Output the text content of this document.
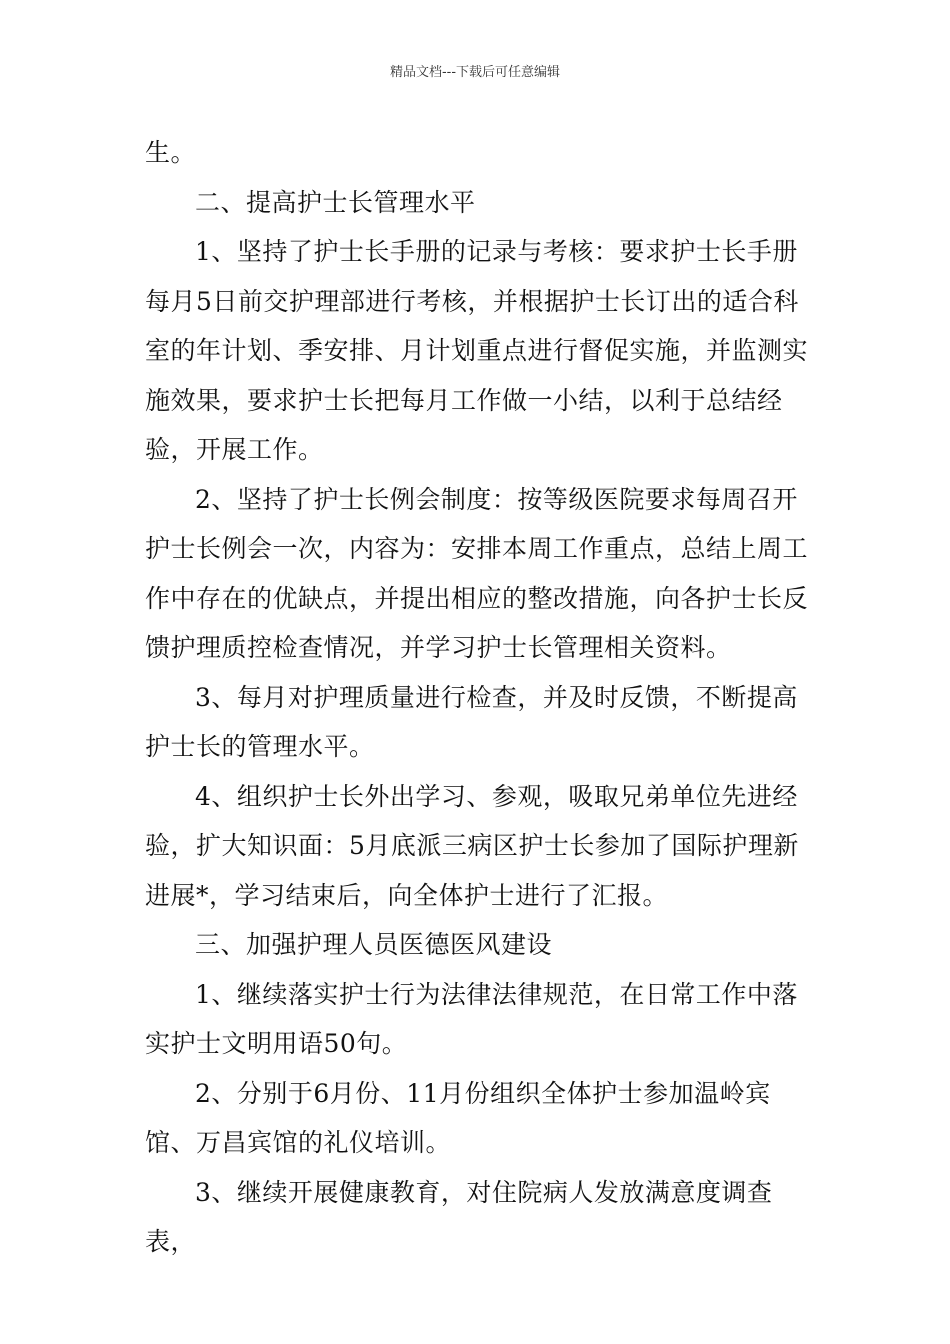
精品文档---下载后可任意编辑

生。

二、提高护士长管理水平

1、坚持了护士长手册的记录与考核：要求护士长手册每月5日前交护理部进行考核，并根据护士长订出的适合科室的年计划、季安排、月计划重点进行督促实施，并监测实施效果，要求护士长把每月工作做一小结，以利于总结经验，开展工作。

2、坚持了护士长例会制度：按等级医院要求每周召开护士长例会一次，内容为：安排本周工作重点，总结上周工作中存在的优缺点，并提出相应的整改措施，向各护士长反馈护理质控检查情况，并学习护士长管理相关资料。

3、每月对护理质量进行检查，并及时反馈，不断提高护士长的管理水平。

4、组织护士长外出学习、参观，吸取兄弟单位先进经验，扩大知识面：5月底派三病区护士长参加了国际护理新进展*，学习结束后，向全体护士进行了汇报。

三、加强护理人员医德医风建设

1、继续落实护士行为法律法律规范，在日常工作中落实护士文明用语50句。

2、分别于6月份、11月份组织全体护士参加温岭宾馆、万昌宾馆的礼仪培训。

3、继续开展健康教育，对住院病人发放满意度调查表，
